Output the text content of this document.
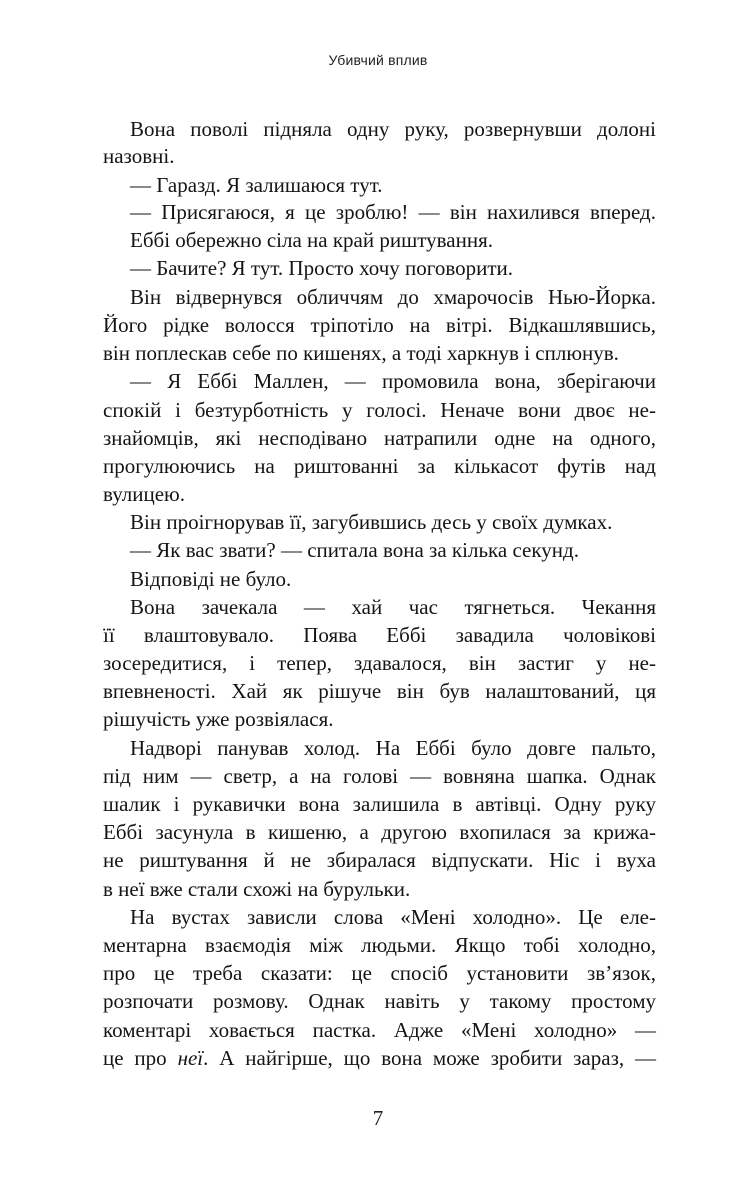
Убивчий вплив
Вона поволі підняла одну руку, розвернувши долоні
назовні.
— Гаразд. Я залишаюся тут.
— Присягаюся, я це зроблю! — він нахилився вперед.
Еббі обережно сіла на край риштування.
— Бачите? Я тут. Просто хочу поговорити.
Він відвернувся обличчям до хмарочосів Нью-Йорка.
Його рідке волосся тріпотіло на вітрі. Відкашлявшись,
він поплескав себе по кишенях, а тоді харкнув і сплюнув.
— Я Еббі Маллен, — промовила вона, зберігаючи
спокій і безтурботність у голосі. Неначе вони двоє не-
знайомців, які несподівано натрапили одне на одного,
прогулюючись на риштованні за кількасот футів над
вулицею.
Він проігнорував її, загубившись десь у своїх думках.
— Як вас звати? — спитала вона за кілька секунд.
Відповіді не було.
Вона зачекала — хай час тягнеться. Чекання
її влаштовувало. Поява Еббі завадила чоловікові
зосередитися, і тепер, здавалося, він застиг у не-
впевненості. Хай як рішуче він був налаштований, ця
рішучість уже розвіялася.
Надворі панував холод. На Еббі було довге пальто,
під ним — светр, а на голові — вовняна шапка. Однак
шалик і рукавички вона залишила в автівці. Одну руку
Еббі засунула в кишеню, а другою вхопилася за крижа-
не риштування й не збиралася відпускати. Ніс і вуха
в неї вже стали схожі на бурульки.
На вустах зависли слова «Мені холодно». Це еле-
ментарна взаємодія між людьми. Якщо тобі холодно,
про це треба сказати: це спосіб установити зв’язок,
розпочати розмову. Однак навіть у такому простому
коментарі ховається пастка. Адже «Мені холодно» —
це про неї. А найгірше, що вона може зробити зараз, —
7
